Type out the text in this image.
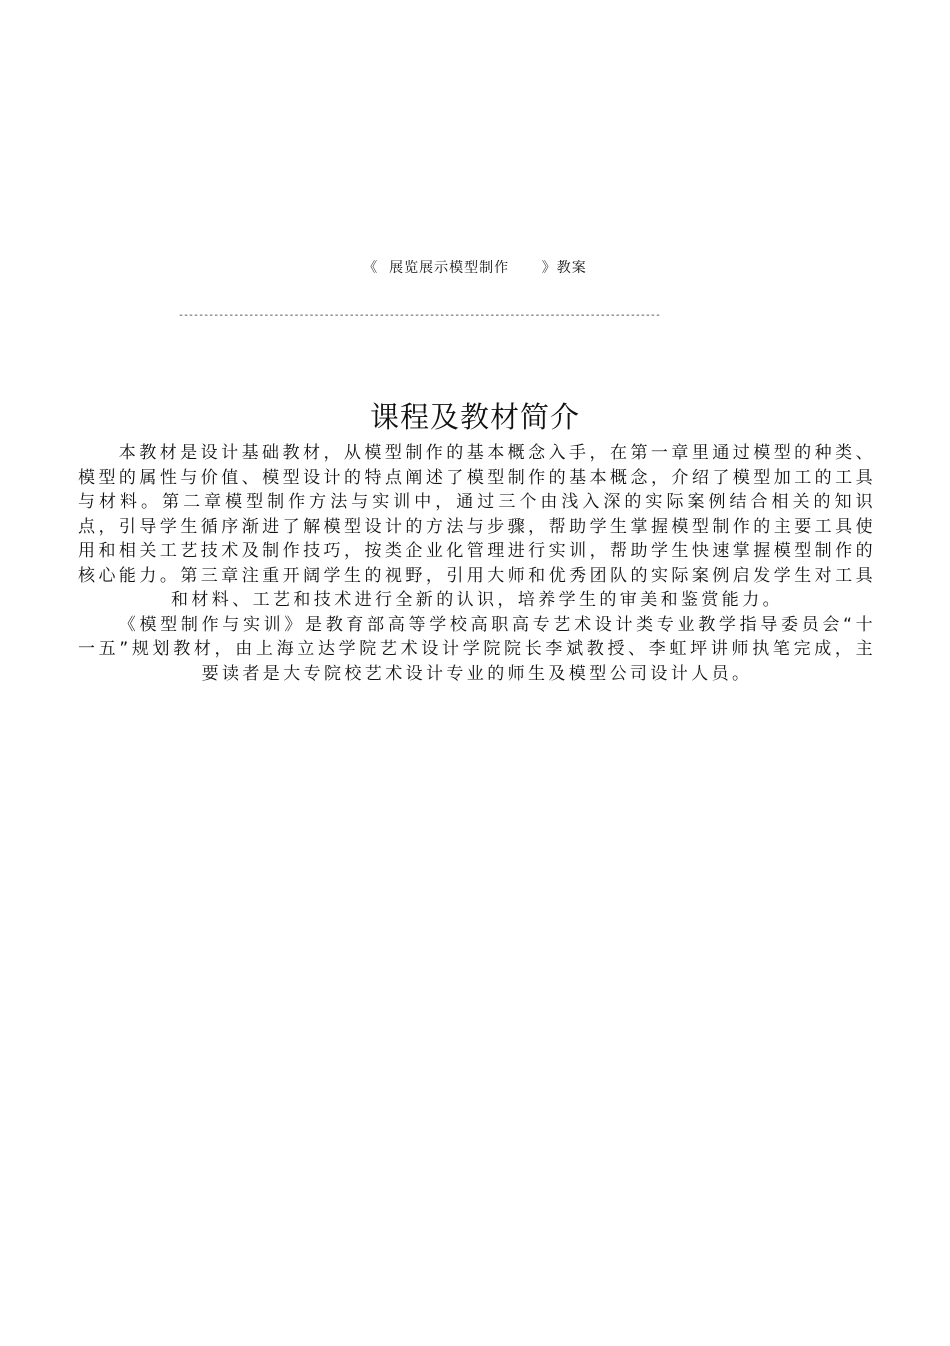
《  展览展示模型制作      》教案
------------------------------------------------------------------------------------------------
课程及教材简介

本教材是设计基础教材，从模型制作的基本概念入手，在第一章里通过模型的种类、模型的属性与价值、模型设计的特点阐述了模型制作的基本概念，介绍了模型加工的工具与材料。第二章模型制作方法与实训中，通过三个由浅入深的实际案例结合相关的知识点，引导学生循序渐进了解模型设计的方法与步骤，帮助学生掌握模型制作的主要工具使用和相关工艺技术及制作技巧，按类企业化管理进行实训，帮助学生快速掌握模型制作的核心能力。第三章注重开阔学生的视野，引用大师和优秀团队的实际案例启发学生对工具和材料、工艺和技术进行全新的认识，培养学生的审美和鉴赏能力。

《模型制作与实训》是教育部高等学校高职高专艺术设计类专业教学指导委员会“十一五”规划教材，由上海立达学院艺术设计学院院长李斌教授、李虹坪讲师执笔完成，主要读者是大专院校艺术设计专业的师生及模型公司设计人员。
